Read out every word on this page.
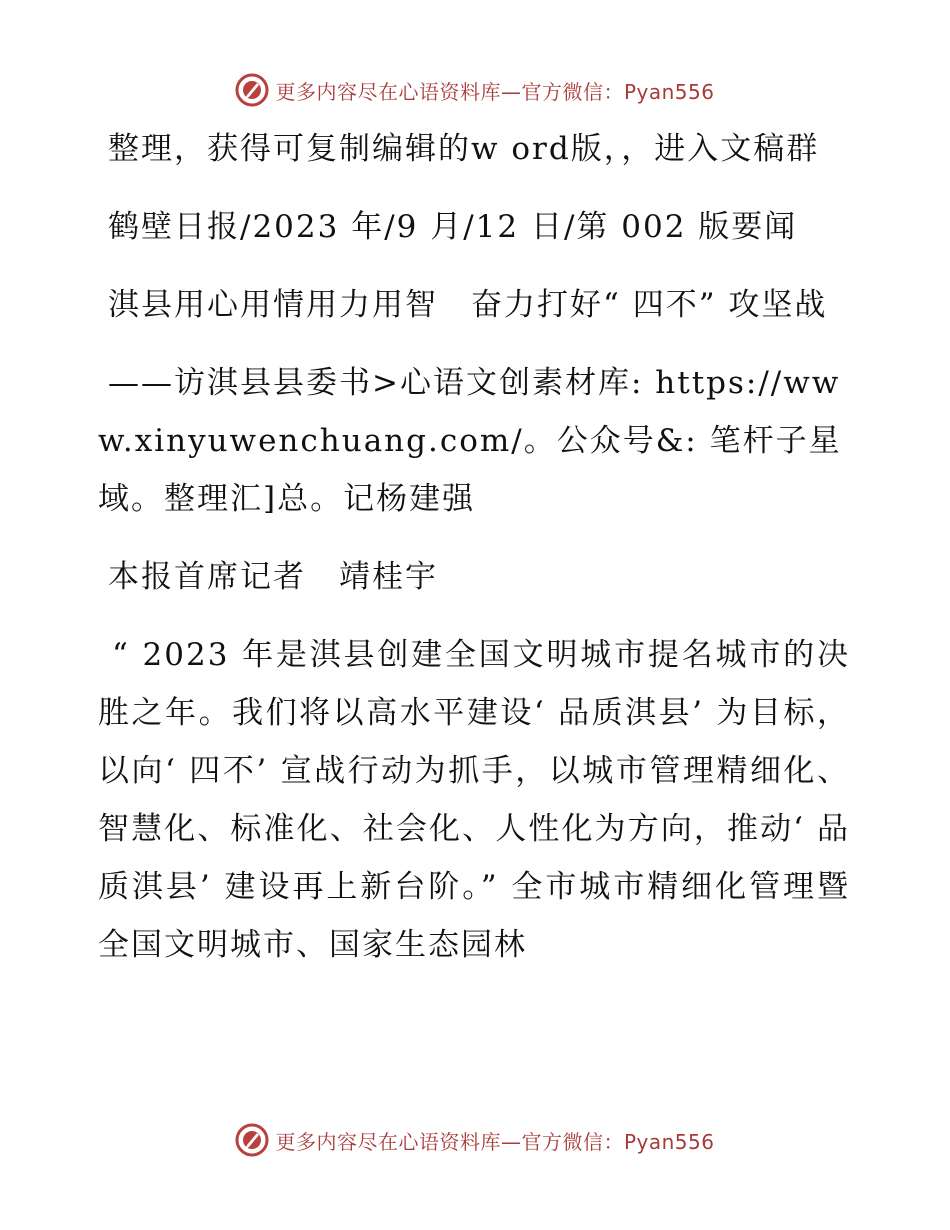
更多内容尽在心语资料库—官方微信：Pyan556

整理，获得可复制编辑的w ord版，，进入文稿群

鹤壁日报/2023 年/9 月/12 日/第 002 版要闻

淇县用心用情用力用智　奋力打好“ 四不” 攻坚战

——访淇县县委书>心语文创素材库: https://www.xinyuwenchuang.com/。公众号&: 笔杆子星域。整理汇]总。记杨建强

本报首席记者　靖桂宇

“ 2023 年是淇县创建全国文明城市提名城市的决胜之年。我们将以高水平建设‘ 品质淇县’ 为目标，以向‘ 四不’ 宣战行动为抓手，以城市管理精细化、智慧化、标准化、社会化、人性化为方向，推动‘ 品质淇县’ 建设再上新台阶。” 全市城市精细化管理暨全国文明城市、国家生态园林

更多内容尽在心语资料库—官方微信：Pyan556
